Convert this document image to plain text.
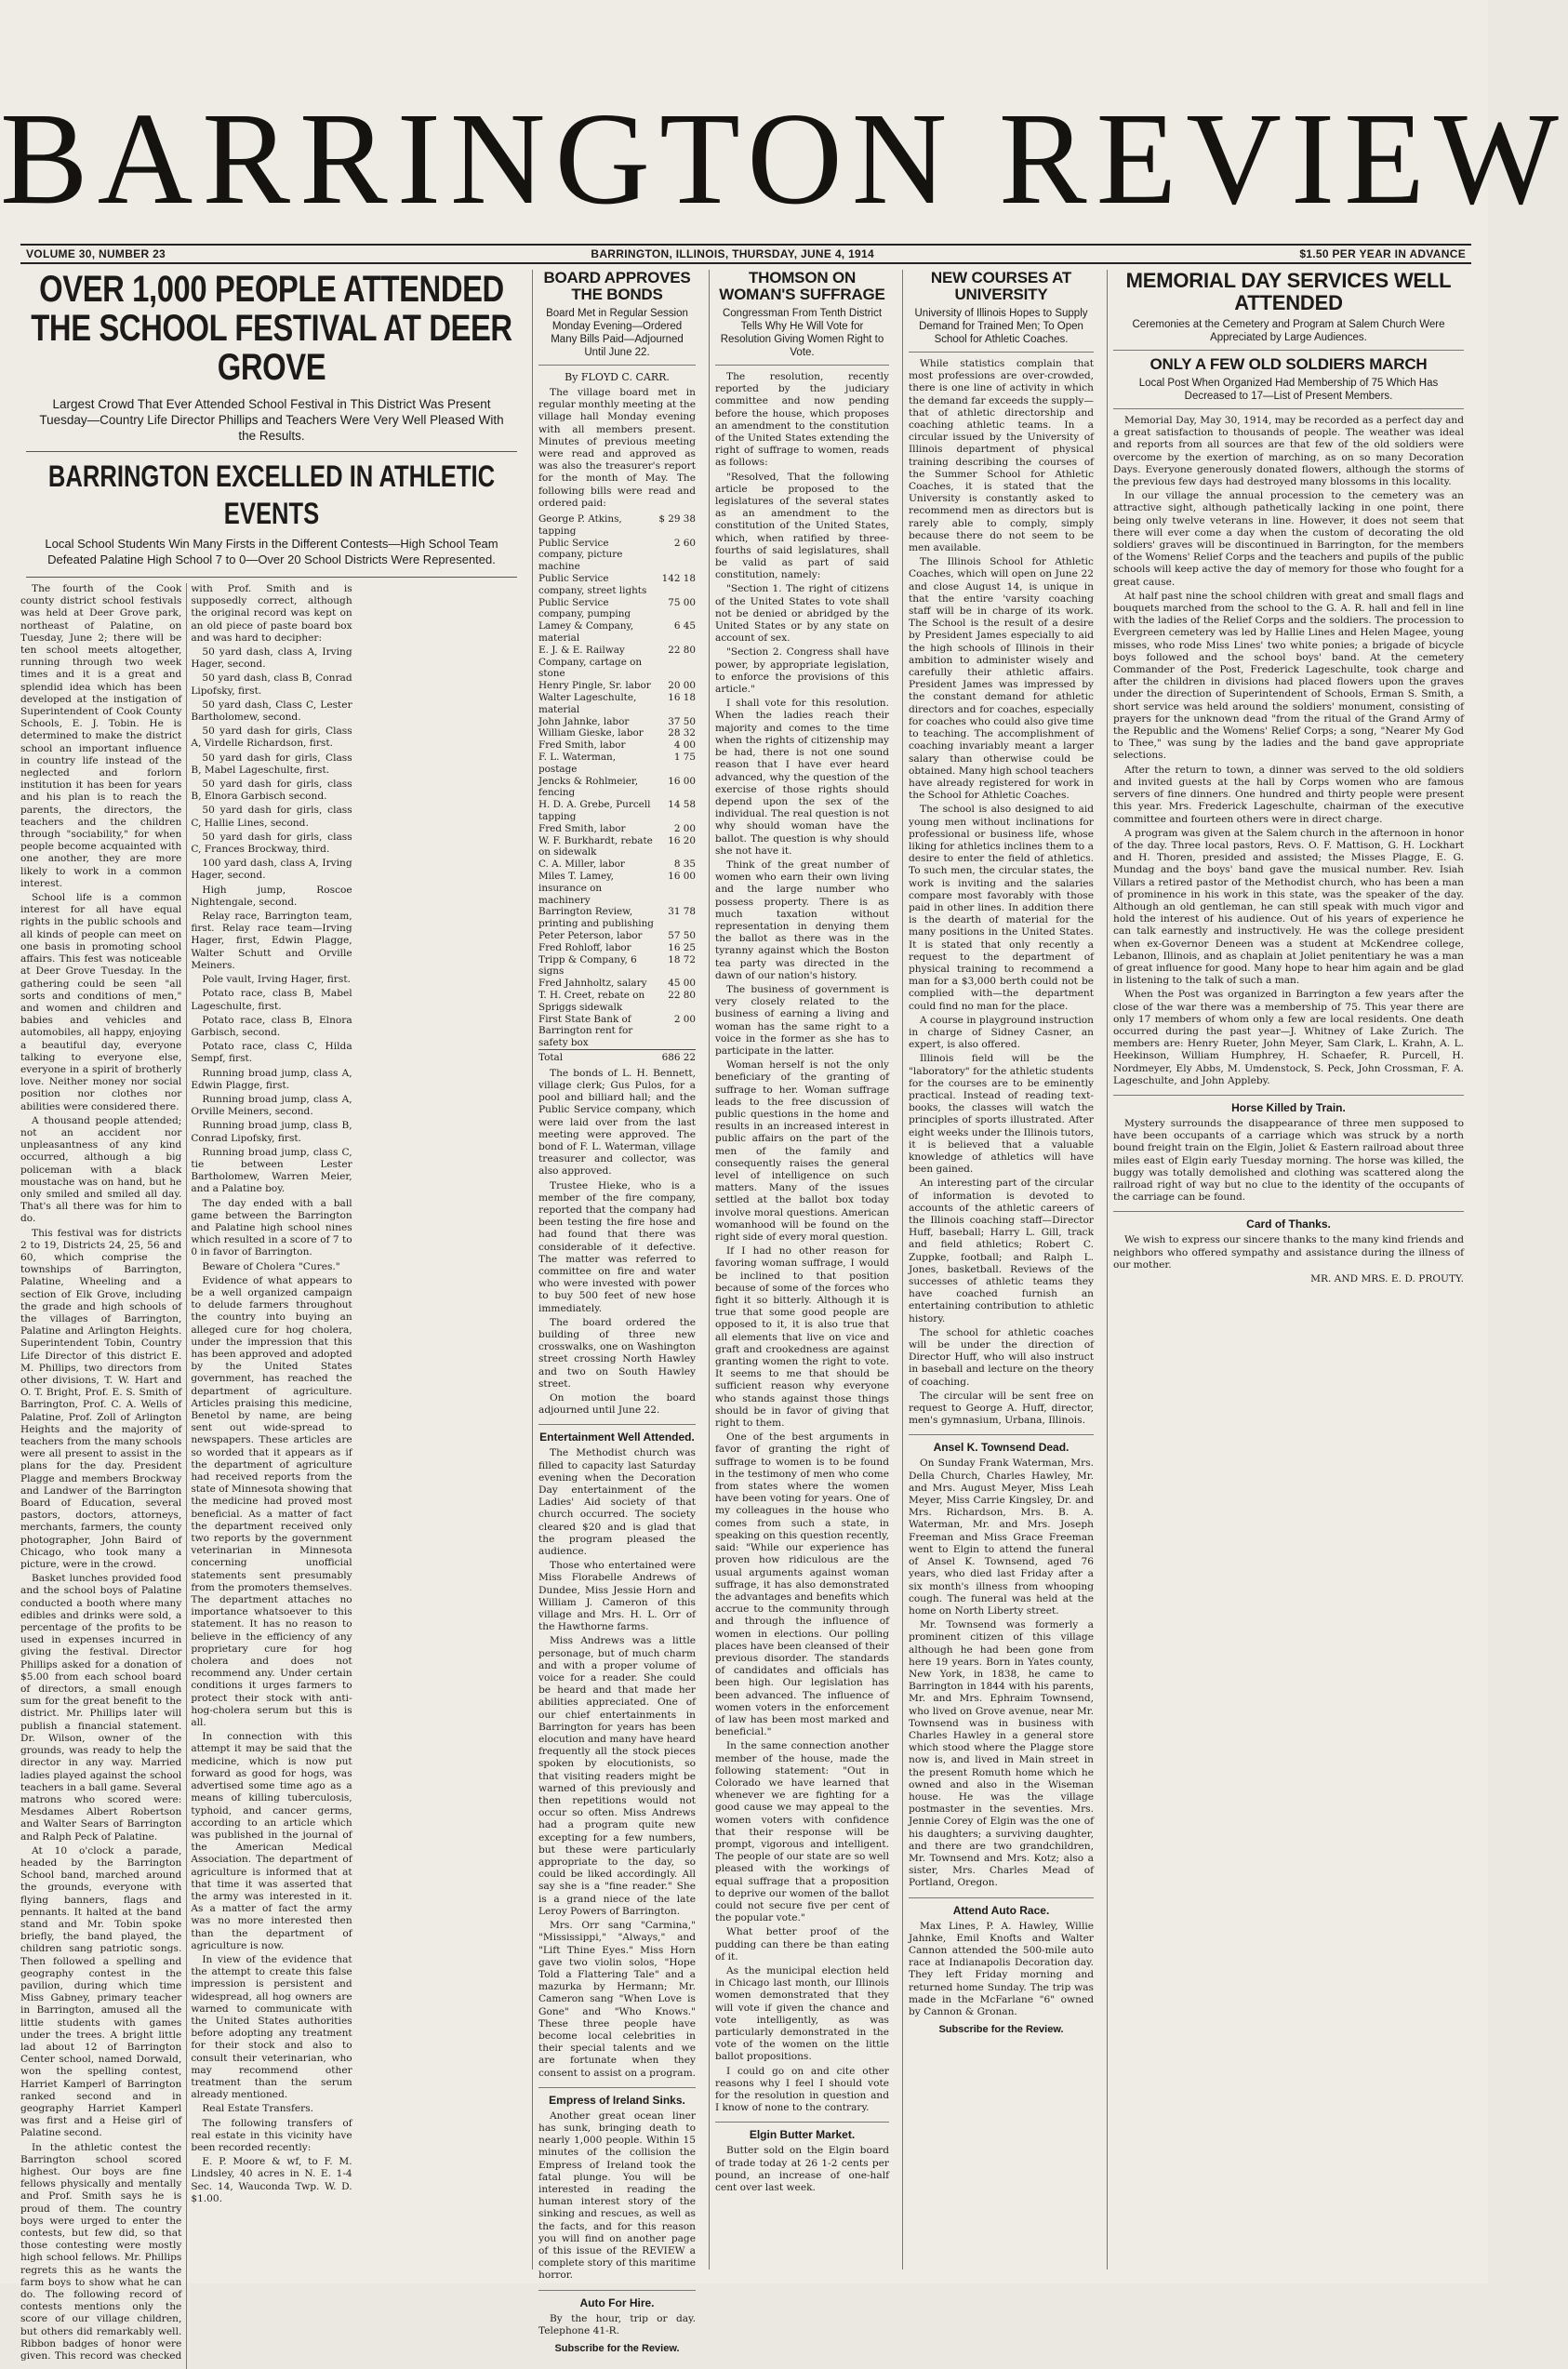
BARRINGTON REVIEW
VOLUME 30, NUMBER 23	BARRINGTON, ILLINOIS, THURSDAY, JUNE 4, 1914	$1.50 PER YEAR IN ADVANCE
OVER 1,000 PEOPLE ATTENDED THE SCHOOL FESTIVAL AT DEER GROVE
Largest Crowd That Ever Attended School Festival in This District Was Present Tuesday—Country Life Director Phillips and Teachers Were Very Well Pleased With the Results.
BARRINGTON EXCELLED IN ATHLETIC EVENTS
Local School Students Win Many Firsts in the Different Contests—High School Team Defeated Palatine High School 7 to 0—Over 20 School Districts Were Represented.

The fourth of the Cook county district school festivals was held at Deer Grove park, northeast of Palatine, on Tuesday, June 2; there will be ten school meets altogether, running through two week times and it is a great and splendid idea which has been developed at the instigation of Superintendent of Cook County Schools, E. J. Tobin. He is determined to make the district school an important influence in country life instead of the neglected and forlorn institution it has been for years and his plan is to reach the parents, the directors, the teachers and the children through "sociability," for when people become acquainted with one another, they are more likely to work in a common interest.

School life is a common interest for all have equal rights in the public schools and all kinds of people can meet on one basis in promoting school affairs. This fest was noticeable at Deer Grove Tuesday. In the gathering could be seen "all sorts and conditions of men," and women and children and babies and vehicles and automobiles, all happy, enjoying a beautiful day, everyone talking to everyone else, everyone in a spirit of brotherly love. Neither money nor social position nor clothes nor abilities were considered there.

A thousand people attended; not an accident nor unpleasantness of any kind occurred, although a big policeman with a black moustache was on hand, but he only smiled and smiled all day. That's all there was for him to do.

This festival was for districts 2 to 19, Districts 24, 25, 56 and 60, which comprise the townships of Barrington, Palatine, Wheeling and a section of Elk Grove, including the grade and high schools of the villages of Barrington, Palatine and Arlington Heights. Superintendent Tobin, Country Life Director of this district E. M. Phillips, two directors from other divisions, T. W. Hart and O. T. Bright, Prof. E. S. Smith of Barrington, Prof. C. A. Wells of Palatine, Prof. Zoll of Arlington Heights and the majority of teachers from the many schools were all present to assist in the plans for the day. President Plagge and members Brockway and Landwer of the Barrington Board of Education, several pastors, doctors, attorneys, merchants, farmers, the county photographer, John Baird of Chicago, who took many a picture, were in the crowd.

Basket lunches provided food and the school boys of Palatine conducted a booth where many edibles and drinks were sold, a percentage of the profits to be used in expenses incurred in giving the festival. Director Phillips asked for a donation of $5.00 from each school board of directors, a small enough sum for the great benefit to the district. Mr. Phillips later will publish a financial statement. Dr. Wilson, owner of the grounds, was ready to help the director in any way. Married ladies played against the school teachers in a ball game. Several matrons who scored were: Mesdames Albert Robertson and Walter Sears of Barrington and Ralph Peck of Palatine.

At 10 o'clock a parade, headed by the Barrington School band, marched around the grounds, everyone with flying banners, flags and pennants. It halted at the band stand and Mr. Tobin spoke briefly, the band played, the children sang patriotic songs. Then followed a spelling and geography contest in the pavilion, during which time Miss Gabney, primary teacher in Barrington, amused all the little students with games under the trees. A bright little lad about 12 of Barrington Center school, named Dorwald, won the spelling contest, Harriet Kamperl of Barrington ranked second and in geography Harriet Kamperl was first and a Heise girl of Palatine second.

In the athletic contest the Barrington school scored highest. Our boys are fine fellows physically and mentally and Prof. Smith says he is proud of them. The country boys were urged to enter the contests, but few did, so that those contesting were mostly high school fellows. Mr. Phillips regrets this as he wants the farm boys to show what he can do. The following record of contests mentions only the score of our village children, but others did remarkably well. Ribbon badges of honor were given. This record was checked with Prof. Smith and is supposedly correct, although the original record was kept on an old piece of paste board box and was hard to decipher:

50 yard dash, class A, Irving Hager, second.

50 yard dash, class B, Conrad Lipofsky, first.

50 yard dash, Class C, Lester Bartholomew, second.

50 yard dash for girls, Class A, Virdelle Richardson, first.

50 yard dash for girls, Class B, Mabel Lageschulte, first.

50 yard dash for girls, class B, Elnora Garbisch second.

50 yard dash for girls, class C, Hallie Lines, second.

50 yard dash for girls, class C, Frances Brockway, third.

100 yard dash, class A, Irving Hager, second.

High jump, Roscoe Nightengale, second.

Relay race, Barrington team, first. Relay race team—Irving Hager, first, Edwin Plagge, Walter Schutt and Orville Meiners.

Pole vault, Irving Hager, first.

Potato race, class B, Mabel Lageschulte, first.

Potato race, class B, Elnora Garbisch, second.

Potato race, class C, Hilda Sempf, first.

Running broad jump, class A, Edwin Plagge, first.

Running broad jump, class A, Orville Meiners, second.

Running broad jump, class B, Conrad Lipofsky, first.

Running broad jump, class C, tie between Lester Bartholomew, Warren Meier, and a Palatine boy.

The day ended with a ball game between the Barrington and Palatine high school nines which resulted in a score of 7 to 0 in favor of Barrington.

Beware of Cholera "Cures."

Evidence of what appears to be a well organized campaign to delude farmers throughout the country into buying an alleged cure for hog cholera, under the impression that this has been approved and adopted by the United States government, has reached the department of agriculture. Articles praising this medicine, Benetol by name, are being sent out wide-spread to newspapers. These articles are so worded that it appears as if the department of agriculture had received reports from the state of Minnesota showing that the medicine had proved most beneficial. As a matter of fact the department received only two reports by the government veterinarian in Minnesota concerning unofficial statements sent presumably from the promoters themselves. The department attaches no importance whatsoever to this statement. It has no reason to believe in the efficiency of any proprietary cure for hog cholera and does not recommend any. Under certain conditions it urges farmers to protect their stock with anti-hog-cholera serum but this is all.

In connection with this attempt it may be said that the medicine, which is now put forward as good for hogs, was advertised some time ago as a means of killing tuberculosis, typhoid, and cancer germs, according to an article which was published in the journal of the American Medical Association. The department of agriculture is informed that at that time it was asserted that the army was interested in it. As a matter of fact the army was no more interested then than the department of agriculture is now.

In view of the evidence that the attempt to create this false impression is persistent and widespread, all hog owners are warned to communicate with the United States authorities before adopting any treatment for their stock and also to consult their veterinarian, who may recommend other treatment than the serum already mentioned.

Real Estate Transfers.

The following transfers of real estate in this vicinity have been recorded recently:

E. P. Moore & wf, to F. M. Lindsley, 40 acres in N. E. 1-4 Sec. 14, Wauconda Twp. W. D. $1.00.

BOARD APPROVES THE BONDS
Board Met in Regular Session Monday Evening—Ordered Many Bills Paid—Adjourned Until June 22.
By FLOYD C. CARR.

The village board met in regular monthly meeting at the village hall Monday evening with all members present. Minutes of previous meeting were read and approved as was also the treasurer's report for the month of May. The following bills were read and ordered paid:

George P. Atkins, tapping	$ 29 38
Public Service company, picture machine	2 60
Public Service company, street lights	142 18
Public Service company, pumping	75 00
Lamey & Company, material	6 45
E. J. & E. Railway Company, cartage on stone	22 80
Henry Pingle, Sr. labor	20 00
Walter Lageschulte, material	16 18
John Jahnke, labor	37 50
William Gieske, labor	28 32
Fred Smith, labor	4 00
F. L. Waterman, postage	1 75
Jencks & Rohlmeier, fencing	16 00
H. D. A. Grebe, Purcell tapping	14 58
Fred Smith, labor	2 00
W. F. Burkhardt, rebate on sidewalk	16 20
C. A. Miller, labor	8 35
Miles T. Lamey, insurance on machinery	16 00
Barrington Review, printing and publishing	31 78
Peter Peterson, labor	57 50
Fred Rohloff, labor	16 25
Tripp & Company, 6 signs	18 72
Fred Jahnholtz, salary	45 00
T. H. Creet, rebate on Spriggs sidewalk	22 80
First State Bank of Barrington rent for safety box	2 00
Total	686 22

The bonds of L. H. Bennett, village clerk; Gus Pulos, for a pool and billiard hall; and the Public Service company, which were laid over from the last meeting were approved. The bond of F. L. Waterman, village treasurer and collector, was also approved.

Trustee Hieke, who is a member of the fire company, reported that the company had been testing the fire hose and had found that there was considerable of it defective. The matter was referred to committee on fire and water who were invested with power to buy 500 feet of new hose immediately.

The board ordered the building of three new crosswalks, one on Washington street crossing North Hawley and two on South Hawley street.

On motion the board adjourned until June 22.

Entertainment Well Attended.

The Methodist church was filled to capacity last Saturday evening when the Decoration Day entertainment of the Ladies' Aid society of that church occurred. The society cleared $20 and is glad that the program pleased the audience.

Those who entertained were Miss Florabelle Andrews of Dundee, Miss Jessie Horn and William J. Cameron of this village and Mrs. H. L. Orr of the Hawthorne farms.

Miss Andrews was a little personage, but of much charm and with a proper volume of voice for a reader. She could be heard and that made her abilities appreciated. One of our chief entertainments in Barrington for years has been elocution and many have heard frequently all the stock pieces spoken by elocutionists, so that visiting readers might be warned of this previously and then repetitions would not occur so often. Miss Andrews had a program quite new excepting for a few numbers, but these were particularly appropriate to the day, so could be liked accordingly. All say she is a "fine reader." She is a grand niece of the late Leroy Powers of Barrington.

Mrs. Orr sang "Carmina," "Mississippi," "Always," and "Lift Thine Eyes." Miss Horn gave two violin solos, "Hope Told a Flattering Tale" and a mazurka by Hermann; Mr. Cameron sang "When Love is Gone" and "Who Knows." These three people have become local celebrities in their special talents and we are fortunate when they consent to assist on a program.

Empress of Ireland Sinks.

Another great ocean liner has sunk, bringing death to nearly 1,000 people. Within 15 minutes of the collision the Empress of Ireland took the fatal plunge. You will be interested in reading the human interest story of the sinking and rescues, as well as the facts, and for this reason you will find on another page of this issue of the REVIEW a complete story of this maritime horror.

Auto For Hire.

By the hour, trip or day. Telephone 41-R.

Subscribe for the Review.
THOMSON ON WOMAN'S SUFFRAGE
Congressman From Tenth District Tells Why He Will Vote for Resolution Giving Women Right to Vote.

The resolution, recently reported by the judiciary committee and now pending before the house, which proposes an amendment to the constitution of the United States extending the right of suffrage to women, reads as follows:

"Resolved, That the following article be proposed to the legislatures of the several states as an amendment to the constitution of the United States, which, when ratified by three-fourths of said legislatures, shall be valid as part of said constitution, namely:

"Section 1. The right of citizens of the United States to vote shall not be denied or abridged by the United States or by any state on account of sex.

"Section 2. Congress shall have power, by appropriate legislation, to enforce the provisions of this article."

I shall vote for this resolution. When the ladies reach their majority and comes to the time when the rights of citizenship may be had, there is not one sound reason that I have ever heard advanced, why the question of the exercise of those rights should depend upon the sex of the individual. The real question is not why should woman have the ballot. The question is why should she not have it.

Think of the great number of women who earn their own living and the large number who possess property. There is as much taxation without representation in denying them the ballot as there was in the tyranny against which the Boston tea party was directed in the dawn of our nation's history.

The business of government is very closely related to the business of earning a living and woman has the same right to a voice in the former as she has to participate in the latter.

Woman herself is not the only beneficiary of the granting of suffrage to her. Woman suffrage leads to the free discussion of public questions in the home and results in an increased interest in public affairs on the part of the men of the family and consequently raises the general level of intelligence on such matters. Many of the issues settled at the ballot box today involve moral questions. American womanhood will be found on the right side of every moral question.

If I had no other reason for favoring woman suffrage, I would be inclined to that position because of some of the forces who fight it so bitterly. Although it is true that some good people are opposed to it, it is also true that all elements that live on vice and graft and crookedness are against granting women the right to vote. It seems to me that should be sufficient reason why everyone who stands against those things should be in favor of giving that right to them.

One of the best arguments in favor of granting the right of suffrage to women is to be found in the testimony of men who come from states where the women have been voting for years. One of my colleagues in the house who comes from such a state, in speaking on this question recently, said: "While our experience has proven how ridiculous are the usual arguments against woman suffrage, it has also demonstrated the advantages and benefits which accrue to the community through and through the influence of women in elections. Our polling places have been cleansed of their previous disorder. The standards of candidates and officials has been high. Our legislation has been advanced. The influence of women voters in the enforcement of law has been most marked and beneficial."

In the same connection another member of the house, made the following statement: "Out in Colorado we have learned that whenever we are fighting for a good cause we may appeal to the women voters with confidence that their response will be prompt, vigorous and intelligent. The people of our state are so well pleased with the workings of equal suffrage that a proposition to deprive our women of the ballot could not secure five per cent of the popular vote."

What better proof of the pudding can there be than eating of it.

As the municipal election held in Chicago last month, our Illinois women demonstrated that they will vote if given the chance and vote intelligently, as was particularly demonstrated in the vote of the women on the little ballot propositions.

I could go on and cite other reasons why I feel I should vote for the resolution in question and I know of none to the contrary.

Elgin Butter Market.

Butter sold on the Elgin board of trade today at 26 1-2 cents per pound, an increase of one-half cent over last week.

NEW COURSES AT UNIVERSITY
University of Illinois Hopes to Supply Demand for Trained Men; To Open School for Athletic Coaches.

While statistics complain that most professions are over-crowded, there is one line of activity in which the demand far exceeds the supply—that of athletic directorship and coaching athletic teams. In a circular issued by the University of Illinois department of physical training describing the courses of the Summer School for Athletic Coaches, it is stated that the University is constantly asked to recommend men as directors but is rarely able to comply, simply because there do not seem to be men available.

The Illinois School for Athletic Coaches, which will open on June 22 and close August 14, is unique in that the entire 'varsity coaching staff will be in charge of its work. The School is the result of a desire by President James especially to aid the high schools of Illinois in their ambition to administer wisely and carefully their athletic affairs. President James was impressed by the constant demand for athletic directors and for coaches, especially for coaches who could also give time to teaching. The accomplishment of coaching invariably meant a larger salary than otherwise could be obtained. Many high school teachers have already registered for work in the School for Athletic Coaches.

The school is also designed to aid young men without inclinations for professional or business life, whose liking for athletics inclines them to a desire to enter the field of athletics. To such men, the circular states, the work is inviting and the salaries compare most favorably with those paid in other lines. In addition there is the dearth of material for the many positions in the United States. It is stated that only recently a request to the department of physical training to recommend a man for a $3,000 berth could not be complied with—the department could find no man for the place.

A course in playground instruction in charge of Sidney Casner, an expert, is also offered.

Illinois field will be the "laboratory" for the athletic students for the courses are to be eminently practical. Instead of reading text-books, the classes will watch the principles of sports illustrated. After eight weeks under the Illinois tutors, it is believed that a valuable knowledge of athletics will have been gained.

An interesting part of the circular of information is devoted to accounts of the athletic careers of the Illinois coaching staff—Director Huff, baseball; Harry L. Gill, track and field athletics; Robert C. Zuppke, football; and Ralph L. Jones, basketball. Reviews of the successes of athletic teams they have coached furnish an entertaining contribution to athletic history.

The school for athletic coaches will be under the direction of Director Huff, who will also instruct in baseball and lecture on the theory of coaching.

The circular will be sent free on request to George A. Huff, director, men's gymnasium, Urbana, Illinois.

Ansel K. Townsend Dead.

On Sunday Frank Waterman, Mrs. Della Church, Charles Hawley, Mr. and Mrs. August Meyer, Miss Leah Meyer, Miss Carrie Kingsley, Dr. and Mrs. Richardson, Mrs. B. A. Waterman, Mr. and Mrs. Joseph Freeman and Miss Grace Freeman went to Elgin to attend the funeral of Ansel K. Townsend, aged 76 years, who died last Friday after a six month's illness from whooping cough. The funeral was held at the home on North Liberty street.

Mr. Townsend was formerly a prominent citizen of this village although he had been gone from here 19 years. Born in Yates county, New York, in 1838, he came to Barrington in 1844 with his parents, Mr. and Mrs. Ephraim Townsend, who lived on Grove avenue, near Mr. Townsend was in business with Charles Hawley in a general store which stood where the Plagge store now is, and lived in Main street in the present Romuth home which he owned and also in the Wiseman house. He was the village postmaster in the seventies. Mrs. Jennie Corey of Elgin was the one of his daughters; a surviving daughter, and there are two grandchildren, Mr. Townsend and Mrs. Kotz; also a sister, Mrs. Charles Mead of Portland, Oregon.

Attend Auto Race.

Max Lines, P. A. Hawley, Willie Jahnke, Emil Knofts and Walter Cannon attended the 500-mile auto race at Indianapolis Decoration day. They left Friday morning and returned home Sunday. The trip was made in the McFarlane "6" owned by Cannon & Gronan.

Subscribe for the Review.
MEMORIAL DAY SERVICES WELL ATTENDED
Ceremonies at the Cemetery and Program at Salem Church Were Appreciated by Large Audiences.
ONLY A FEW OLD SOLDIERS MARCH
Local Post When Organized Had Membership of 75 Which Has Decreased to 17—List of Present Members.

Memorial Day, May 30, 1914, may be recorded as a perfect day and a great satisfaction to thousands of people. The weather was ideal and reports from all sources are that few of the old soldiers were overcome by the exertion of marching, as on so many Decoration Days. Everyone generously donated flowers, although the storms of the previous few days had destroyed many blossoms in this locality.

In our village the annual procession to the cemetery was an attractive sight, although pathetically lacking in one point, there being only twelve veterans in line. However, it does not seem that there will ever come a day when the custom of decorating the old soldiers' graves will be discontinued in Barrington, for the members of the Womens' Relief Corps and the teachers and pupils of the public schools will keep active the day of memory for those who fought for a great cause.

At half past nine the school children with great and small flags and bouquets marched from the school to the G. A. R. hall and fell in line with the ladies of the Relief Corps and the soldiers. The procession to Evergreen cemetery was led by Hallie Lines and Helen Magee, young misses, who rode Miss Lines' two white ponies; a brigade of bicycle boys followed and the school boys' band. At the cemetery Commander of the Post, Frederick Lageschulte, took charge and after the children in divisions had placed flowers upon the graves under the direction of Superintendent of Schools, Erman S. Smith, a short service was held around the soldiers' monument, consisting of prayers for the unknown dead "from the ritual of the Grand Army of the Republic and the Womens' Relief Corps; a song, "Nearer My God to Thee," was sung by the ladies and the band gave appropriate selections.

After the return to town, a dinner was served to the old soldiers and invited guests at the hall by Corps women who are famous servers of fine dinners. One hundred and thirty people were present this year. Mrs. Frederick Lageschulte, chairman of the executive committee and fourteen others were in direct charge.

A program was given at the Salem church in the afternoon in honor of the day. Three local pastors, Revs. O. F. Mattison, G. H. Lockhart and H. Thoren, presided and assisted; the Misses Plagge, E. G. Mundag and the boys' band gave the musical number. Rev. Isiah Villars a retired pastor of the Methodist church, who has been a man of prominence in his work in this state, was the speaker of the day. Although an old gentleman, he can still speak with much vigor and hold the interest of his audience. Out of his years of experience he can talk earnestly and instructively. He was the college president when ex-Governor Deneen was a student at McKendree college, Lebanon, Illinois, and as chaplain at Joliet penitentiary he was a man of great influence for good. Many hope to hear him again and be glad in listening to the talk of such a man.

When the Post was organized in Barrington a few years after the close of the war there was a membership of 75. This year there are only 17 members of whom only a few are local residents. One death occurred during the past year—J. Whitney of Lake Zurich. The members are: Henry Rueter, John Meyer, Sam Clark, L. Krahn, A. L. Heekinson, William Humphrey, H. Schaefer, R. Purcell, H. Nordmeyer, Ely Abbs, M. Umdenstock, S. Peck, John Crossman, F. A. Lageschulte, and John Appleby.

Horse Killed by Train.

Mystery surrounds the disappearance of three men supposed to have been occupants of a carriage which was struck by a north bound freight train on the Elgin, Joliet & Eastern railroad about three miles east of Elgin early Tuesday morning. The horse was killed, the buggy was totally demolished and clothing was scattered along the railroad right of way but no clue to the identity of the occupants of the carriage can be found.

Card of Thanks.

We wish to express our sincere thanks to the many kind friends and neighbors who offered sympathy and assistance during the illness of our mother.

MR. AND MRS. E. D. PROUTY.
